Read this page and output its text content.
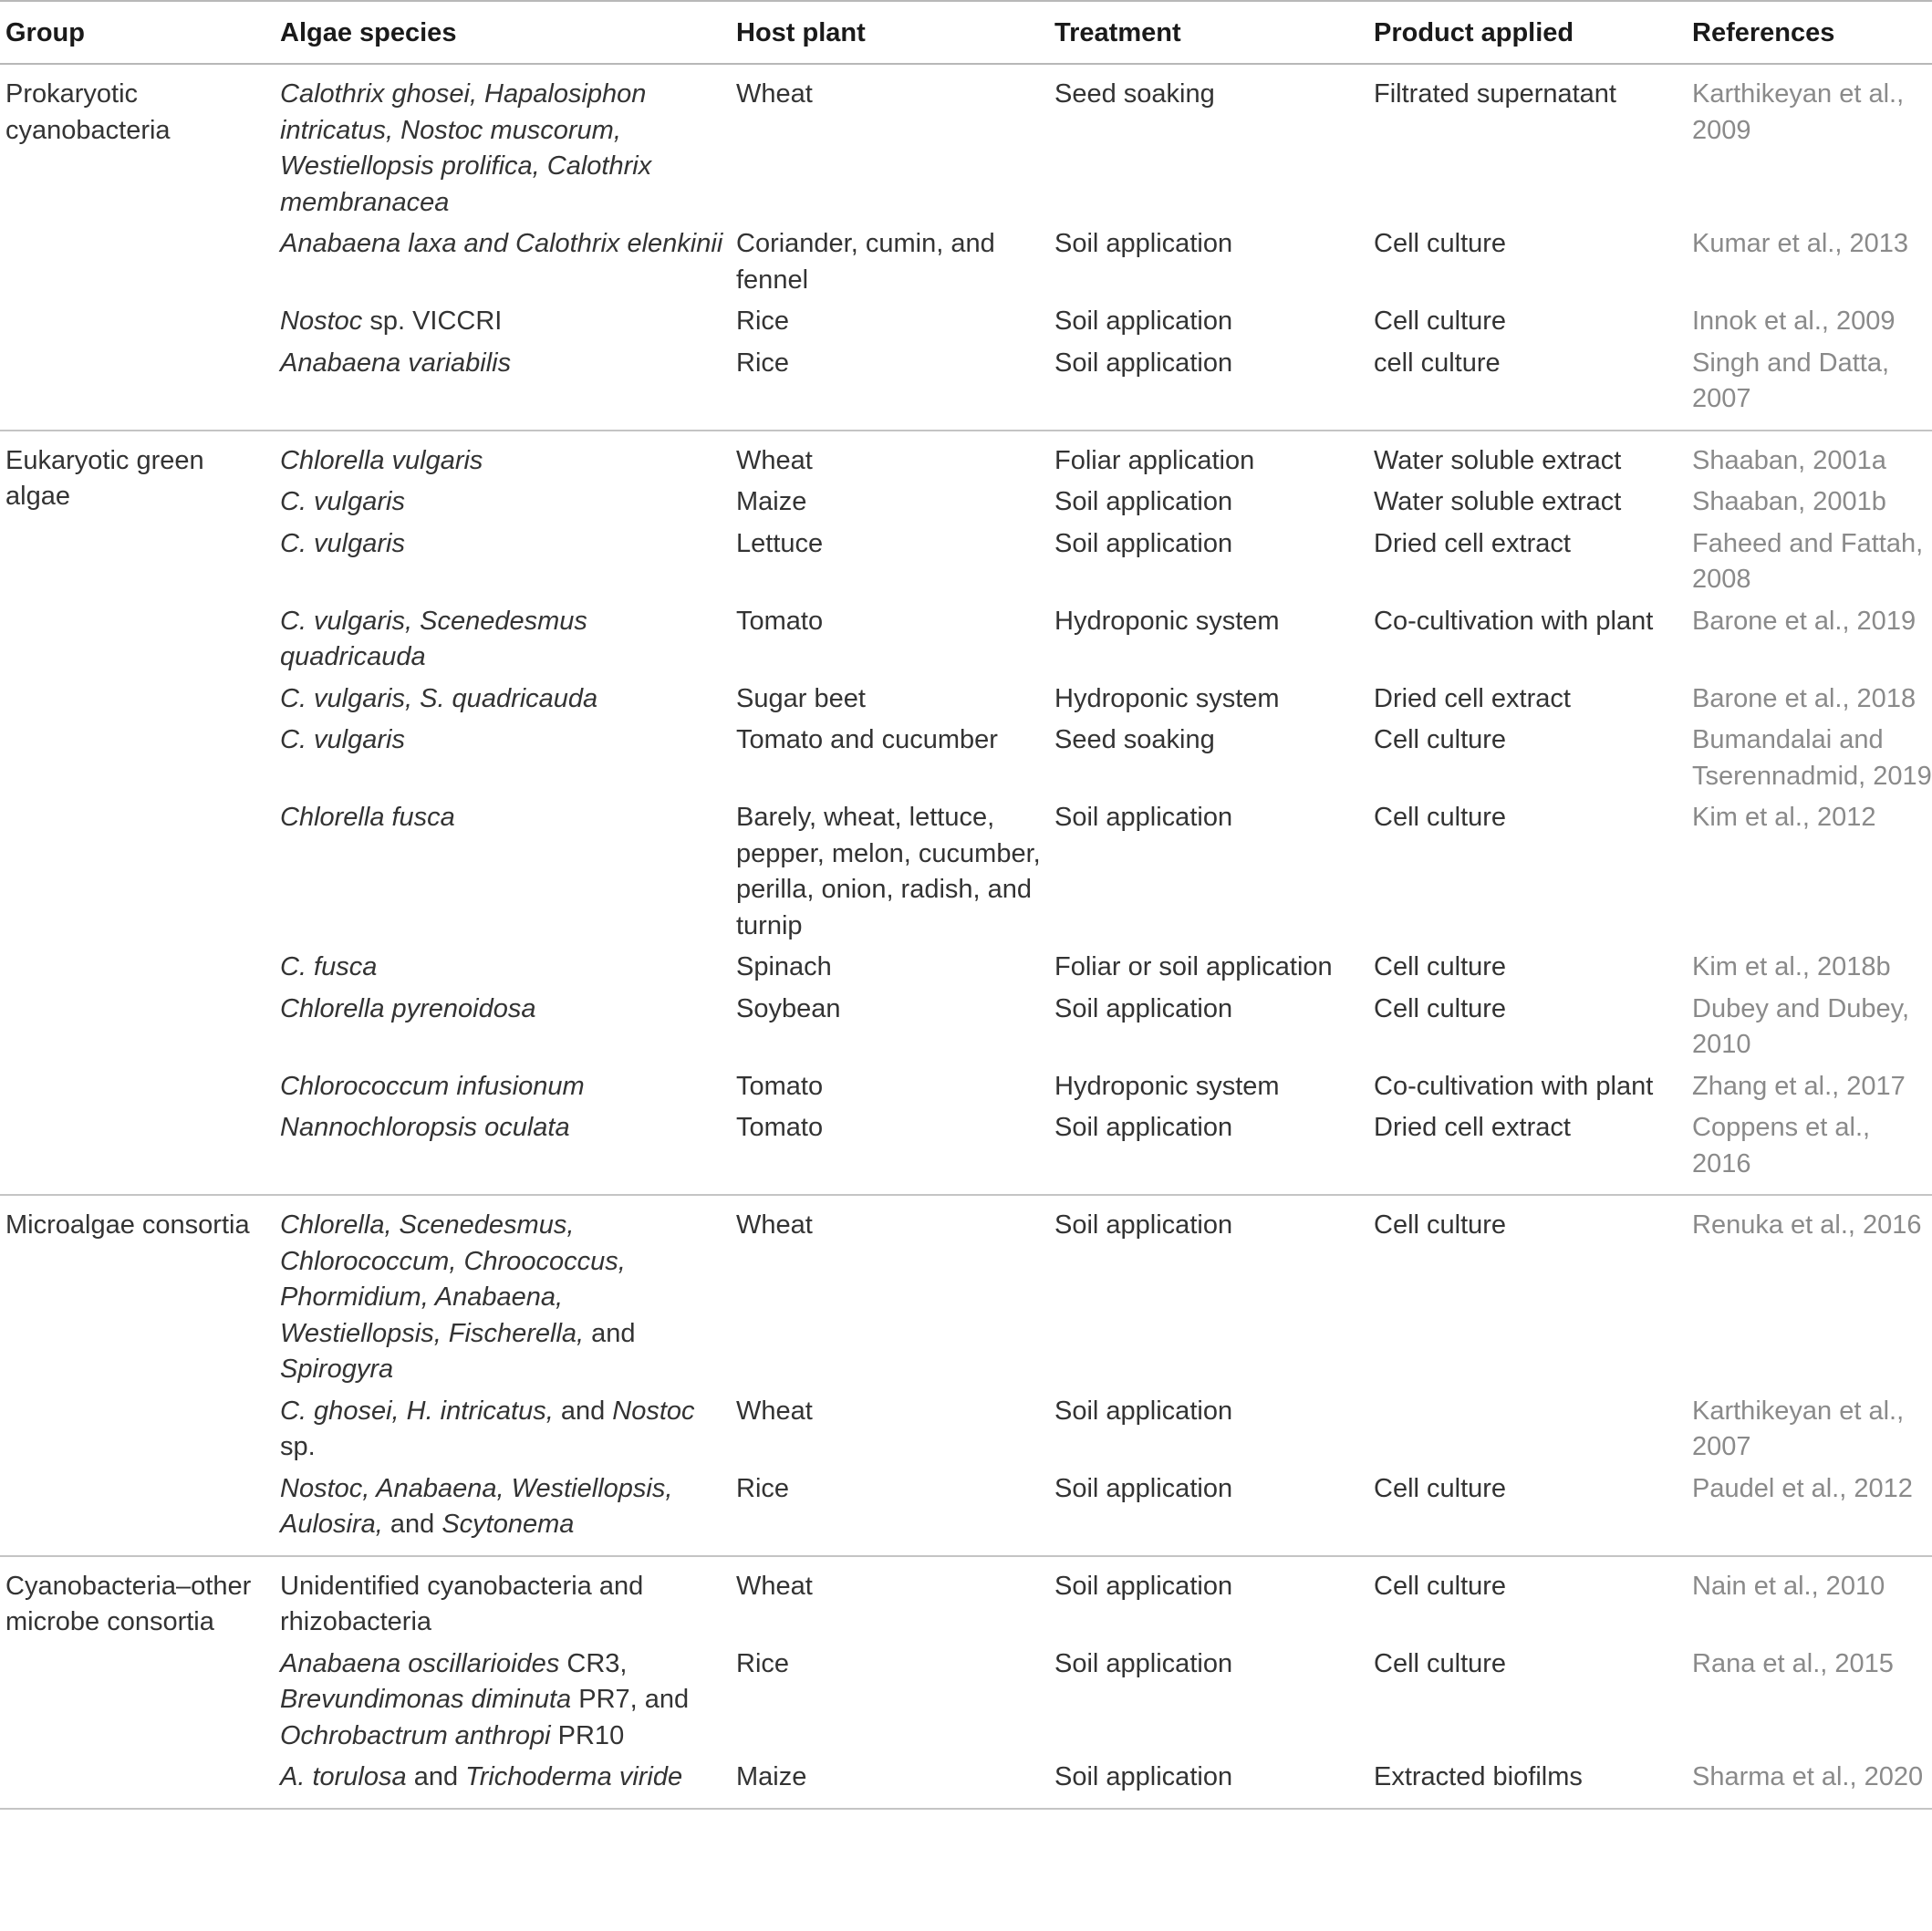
Group	Algae species	Host plant	Treatment	Product applied	References
Prokaryotic cyanobacteria	Calothrix ghosei, Hapalosiphon intricatus, Nostoc muscorum, Westiellopsis prolifica, Calothrix membranacea	Wheat	Seed soaking	Filtrated supernatant	Karthikeyan et al., 2009
	Anabaena laxa and Calothrix elenkinii	Coriander, cumin, and fennel	Soil application	Cell culture	Kumar et al., 2013
	Nostoc sp. VICCRI	Rice	Soil application	Cell culture	Innok et al., 2009
	Anabaena variabilis	Rice	Soil application	cell culture	Singh and Datta, 2007
Eukaryotic green algae	Chlorella vulgaris	Wheat	Foliar application	Water soluble extract	Shaaban, 2001a
	C. vulgaris	Maize	Soil application	Water soluble extract	Shaaban, 2001b
	C. vulgaris	Lettuce	Soil application	Dried cell extract	Faheed and Fattah, 2008
	C. vulgaris, Scenedesmus quadricauda	Tomato	Hydroponic system	Co-cultivation with plant	Barone et al., 2019
	C. vulgaris, S. quadricauda	Sugar beet	Hydroponic system	Dried cell extract	Barone et al., 2018
	C. vulgaris	Tomato and cucumber	Seed soaking	Cell culture	Bumandalai and Tserennadmid, 2019
	Chlorella fusca	Barely, wheat, lettuce, pepper, melon, cucumber, perilla, onion, radish, and turnip	Soil application	Cell culture	Kim et al., 2012
	C. fusca	Spinach	Foliar or soil application	Cell culture	Kim et al., 2018b
	Chlorella pyrenoidosa	Soybean	Soil application	Cell culture	Dubey and Dubey, 2010
	Chlorococcum infusionum	Tomato	Hydroponic system	Co-cultivation with plant	Zhang et al., 2017
	Nannochloropsis oculata	Tomato	Soil application	Dried cell extract	Coppens et al., 2016
Microalgae consortia	Chlorella, Scenedesmus, Chlorococcum, Chroococcus, Phormidium, Anabaena, Westiellopsis, Fischerella, and Spirogyra	Wheat	Soil application	Cell culture	Renuka et al., 2016
	C. ghosei, H. intricatus, and Nostoc sp.	Wheat	Soil application		Karthikeyan et al., 2007
	Nostoc, Anabaena, Westiellopsis, Aulosira, and Scytonema	Rice	Soil application	Cell culture	Paudel et al., 2012
Cyanobacteria–other microbe consortia	Unidentified cyanobacteria and rhizobacteria	Wheat	Soil application	Cell culture	Nain et al., 2010
	Anabaena oscillarioides CR3, Brevundimonas diminuta PR7, and Ochrobactrum anthropi PR10	Rice	Soil application	Cell culture	Rana et al., 2015
	A. torulosa and Trichoderma viride	Maize	Soil application	Extracted biofilms	Sharma et al., 2020
